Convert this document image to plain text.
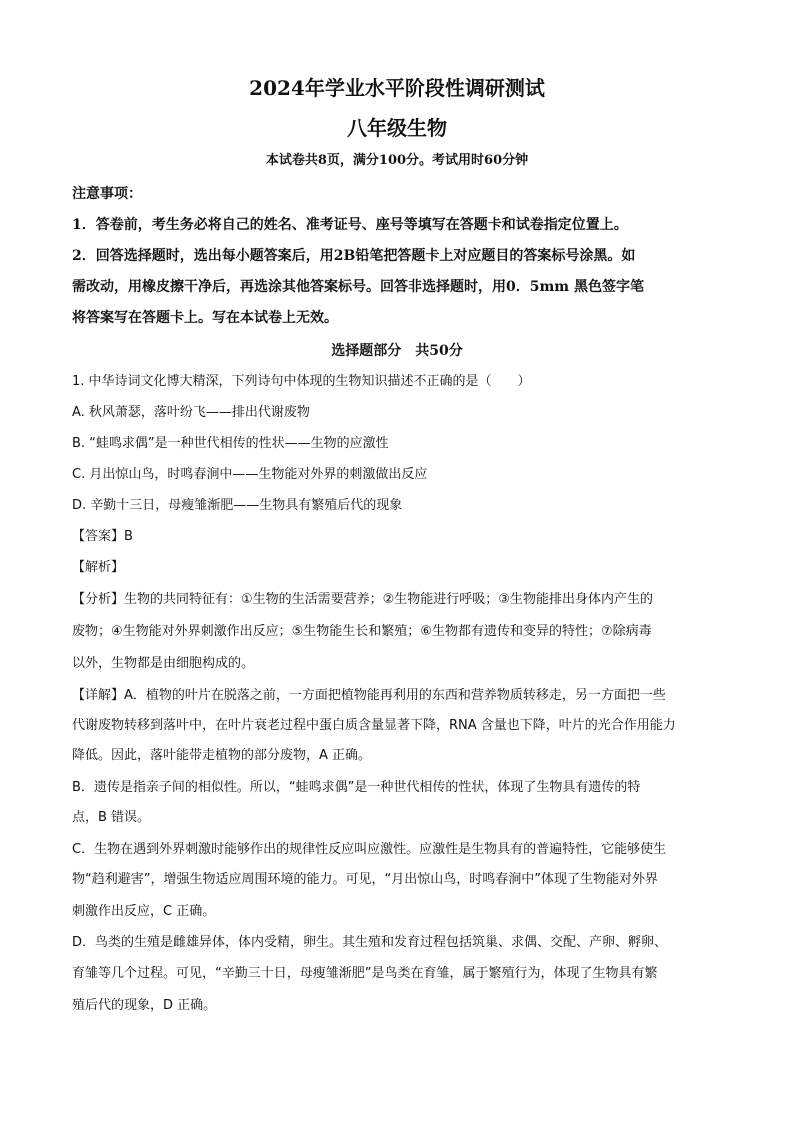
2024年学业水平阶段性调研测试
八年级生物
本试卷共8页，满分100分。考试用时60分钟
注意事项：
1．答卷前，考生务必将自己的姓名、准考证号、座号等填写在答题卡和试卷指定位置上。
2．回答选择题时，选出每小题答案后，用2B铅笔把答题卡上对应题目的答案标号涂黑。如
需改动，用橡皮擦干净后，再选涂其他答案标号。回答非选择题时，用0．5mm 黑色签字笔
将答案写在答题卡上。写在本试卷上无效。
选择题部分　共50分
1. 中华诗词文化博大精深，下列诗句中体现的生物知识描述不正确的是（　　）
A. 秋风萧瑟，落叶纷飞——排出代谢废物
B. “蛙鸣求偶”是一种世代相传的性状——生物的应激性
C. 月出惊山鸟，时鸣春涧中——生物能对外界的刺激做出反应
D. 辛勤十三日，母瘦雏渐肥——生物具有繁殖后代的现象
【答案】B
【解析】
【分析】生物的共同特征有：①生物的生活需要营养；②生物能进行呼吸；③生物能排出身体内产生的
废物；④生物能对外界刺激作出反应；⑤生物能生长和繁殖；⑥生物都有遗传和变异的特性；⑦除病毒
以外，生物都是由细胞构成的。
【详解】A．植物的叶片在脱落之前，一方面把植物能再利用的东西和营养物质转移走，另一方面把一些
代谢废物转移到落叶中，在叶片衰老过程中蛋白质含量显著下降，RNA 含量也下降，叶片的光合作用能力
降低。因此，落叶能带走植物的部分废物，A 正确。
B．遗传是指亲子间的相似性。所以，“蛙鸣求偶”是一种世代相传的性状，体现了生物具有遗传的特
点，B 错误。
C．生物在遇到外界刺激时能够作出的规律性反应叫应激性。应激性是生物具有的普遍特性，它能够使生
物“趋利避害”，增强生物适应周围环境的能力。可见，“月出惊山鸟，时鸣春涧中”体现了生物能对外界
刺激作出反应，C 正确。
D．鸟类的生殖是雌雄异体，体内受精，卵生。其生殖和发育过程包括筑巢、求偶、交配、产卵、孵卵、
育雏等几个过程。可见，“辛勤三十日，母瘦雏渐肥”是鸟类在育雏，属于繁殖行为，体现了生物具有繁
殖后代的现象，D 正确。
